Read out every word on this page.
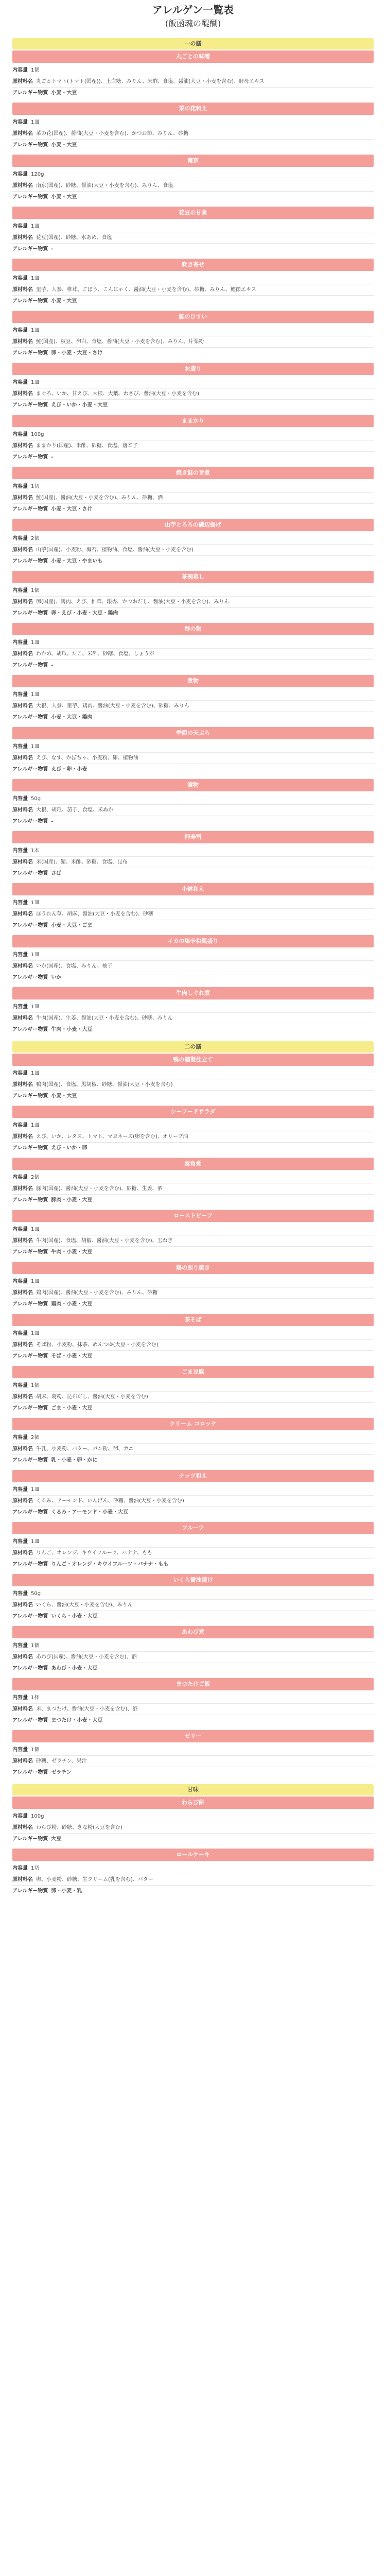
アレルゲン一覧表
(飯函魂の醍醐)
一の膳
丸ごとの味噌
内容量 1個
原材料名 丸ごとトマト(トマト(国産))、上白糖、みりん、米酢、食塩、醤油(大豆・小麦を含む)、酵母エキス
アレルギー物質 小麦・大豆
菜の花和え
内容量 1皿
原材料名 菜の花(国産)、醤油(大豆・小麦を含む)、かつお節、みりん、砂糖
アレルギー物質 小麦・大豆
南京
内容量 120g
原材料名 南京(国産)、砂糖、醤油(大豆・小麦を含む)、みりん、食塩
アレルギー物質 小麦・大豆
花豆の甘煮
内容量 1皿
原材料名 花豆(国産)、砂糖、水あめ、食塩
アレルギー物質 -
吹き寄せ
内容量 1皿
原材料名 里芋、人参、椎茸、ごぼう、こんにゃく、醤油(大豆・小麦を含む)、砂糖、みりん、鰹節エキス
アレルギー物質 小麦・大豆
鮭のひすい
内容量 1皿
原材料名 鮭(国産)、枝豆、卵白、食塩、醤油(大豆・小麦を含む)、みりん、片栗粉
アレルギー物質 卵・小麦・大豆・さけ
お造り
内容量 1皿
原材料名 まぐろ、いか、甘えび、大根、大葉、わさび、醤油(大豆・小麦を含む)
アレルギー物質 えび・いか・小麦・大豆
ままかり
内容量 100g
原材料名 ままかり(国産)、米酢、砂糖、食塩、唐辛子
アレルギー物質 -
焼き鮭の旨煮
内容量 1切
原材料名 鮭(国産)、醤油(大豆・小麦を含む)、みりん、砂糖、酒
アレルギー物質 小麦・大豆・さけ
山芋とろろの磯辺揚げ
内容量 2個
原材料名 山芋(国産)、小麦粉、海苔、植物油、食塩、醤油(大豆・小麦を含む)
アレルギー物質 小麦・大豆・やまいも
茶碗蒸し
内容量 1個
原材料名 卵(国産)、鶏肉、えび、椎茸、銀杏、かつおだし、醤油(大豆・小麦を含む)、みりん
アレルギー物質 卵・えび・小麦・大豆・鶏肉
酢の物
内容量 1皿
原材料名 わかめ、胡瓜、たこ、米酢、砂糖、食塩、しょうが
アレルギー物質 -
煮物
内容量 1皿
原材料名 大根、人参、里芋、鶏肉、醤油(大豆・小麦を含む)、砂糖、みりん
アレルギー物質 小麦・大豆・鶏肉
季節の天ぷら
内容量 1皿
原材料名 えび、なす、かぼちゃ、小麦粉、卵、植物油
アレルギー物質 えび・卵・小麦
漬物
内容量 50g
原材料名 大根、胡瓜、茄子、食塩、米ぬか
アレルギー物質 -
押寿司
内容量 1本
原材料名 米(国産)、鯖、米酢、砂糖、食塩、昆布
アレルギー物質 さば
小鉢和え
内容量 1皿
原材料名 ほうれん草、胡麻、醤油(大豆・小麦を含む)、砂糖
アレルギー物質 小麦・大豆・ごま
イカの塩辛和風盛り
内容量 1皿
原材料名 いか(国産)、食塩、みりん、柚子
アレルギー物質 いか
牛肉しぐれ煮
内容量 1皿
原材料名 牛肉(国産)、生姜、醤油(大豆・小麦を含む)、砂糖、みりん
アレルギー物質 牛肉・小麦・大豆
二の膳
鴨の燻製仕立て
内容量 1皿
原材料名 鴨肉(国産)、食塩、黒胡椒、砂糖、醤油(大豆・小麦を含む)
アレルギー物質 小麦・大豆
シーフードサラダ
内容量 1皿
原材料名 えび、いか、レタス、トマト、マヨネーズ(卵を含む)、オリーブ油
アレルギー物質 えび・いか・卵
豚角煮
内容量 2個
原材料名 豚肉(国産)、醤油(大豆・小麦を含む)、砂糖、生姜、酒
アレルギー物質 豚肉・小麦・大豆
ローストビーフ
内容量 1皿
原材料名 牛肉(国産)、食塩、胡椒、醤油(大豆・小麦を含む)、玉ねぎ
アレルギー物質 牛肉・小麦・大豆
鶏の照り焼き
内容量 1皿
原材料名 鶏肉(国産)、醤油(大豆・小麦を含む)、みりん、砂糖
アレルギー物質 鶏肉・小麦・大豆
茶そば
内容量 1皿
原材料名 そば粉、小麦粉、抹茶、めんつゆ(大豆・小麦を含む)
アレルギー物質 そば・小麦・大豆
ごま豆腐
内容量 1個
原材料名 胡麻、葛粉、昆布だし、醤油(大豆・小麦を含む)
アレルギー物質 ごま・小麦・大豆
クリーム コロッケ
内容量 2個
原材料名 牛乳、小麦粉、バター、パン粉、卵、カニ
アレルギー物質 乳・小麦・卵・かに
ナッツ和え
内容量 1皿
原材料名 くるみ、アーモンド、いんげん、砂糖、醤油(大豆・小麦を含む)
アレルギー物質 くるみ・アーモンド・小麦・大豆
フルーツ
内容量 1皿
原材料名 りんご、オレンジ、キウイフルーツ、バナナ、もも
アレルギー物質 りんご・オレンジ・キウイフルーツ・バナナ・もも
いくら醤油漬け
内容量 50g
原材料名 いくら、醤油(大豆・小麦を含む)、みりん
アレルギー物質 いくら・小麦・大豆
あわび煮
内容量 1個
原材料名 あわび(国産)、醤油(大豆・小麦を含む)、酒
アレルギー物質 あわび・小麦・大豆
まつたけご飯
内容量 1杯
原材料名 米、まつたけ、醤油(大豆・小麦を含む)、酒
アレルギー物質 まつたけ・小麦・大豆
ゼリー
内容量 1個
原材料名 砂糖、ゼラチン、果汁
アレルギー物質 ゼラチン
甘味
わらび餅
内容量 100g
原材料名 わらび粉、砂糖、きな粉(大豆を含む)
アレルギー物質 大豆
ロールケーキ
内容量 1切
原材料名 卵、小麦粉、砂糖、生クリーム(乳を含む)、バター
アレルギー物質 卵・小麦・乳
